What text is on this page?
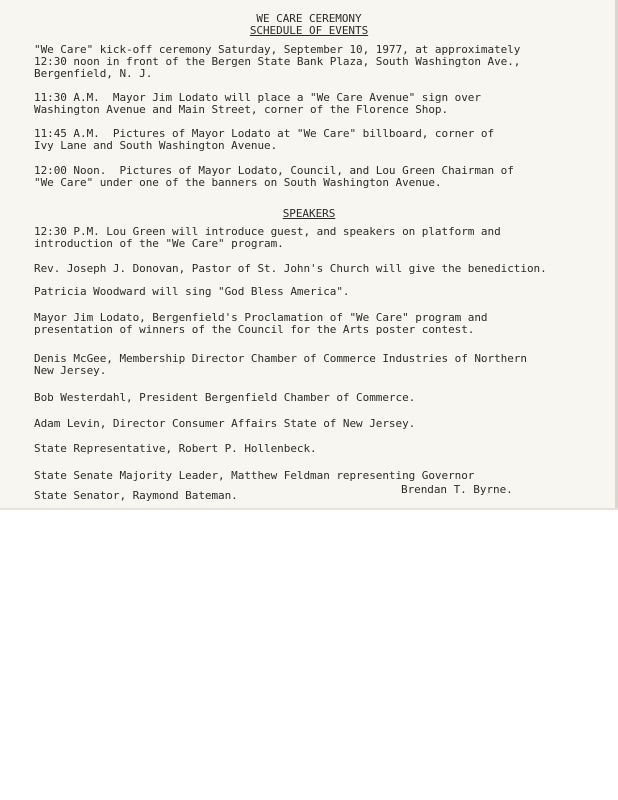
WE CARE CEREMONY
SCHEDULE OF EVENTS
"We Care" kick-off ceremony Saturday, September 10, 1977, at approximately
12:30 noon in front of the Bergen State Bank Plaza, South Washington Ave.,
Bergenfield, N. J.
11:30 A.M.  Mayor Jim Lodato will place a "We Care Avenue" sign over
Washington Avenue and Main Street, corner of the Florence Shop.
11:45 A.M.  Pictures of Mayor Lodato at "We Care" billboard, corner of
Ivy Lane and South Washington Avenue.
12:00 Noon.  Pictures of Mayor Lodato, Council, and Lou Green Chairman of
"We Care" under one of the banners on South Washington Avenue.
SPEAKERS
12:30 P.M. Lou Green will introduce guest, and speakers on platform and
introduction of the "We Care" program.
Rev. Joseph J. Donovan, Pastor of St. John's Church will give the benediction.
Patricia Woodward will sing "God Bless America".
Mayor Jim Lodato, Bergenfield's Proclamation of "We Care" program and
presentation of winners of the Council for the Arts poster contest.
Denis McGee, Membership Director Chamber of Commerce Industries of Northern
New Jersey.
Bob Westerdahl, President Bergenfield Chamber of Commerce.
Adam Levin, Director Consumer Affairs State of New Jersey.
State Representative, Robert P. Hollenbeck.
State Senate Majority Leader, Matthew Feldman representing Governor
Brendan T. Byrne.
State Senator, Raymond Bateman.
